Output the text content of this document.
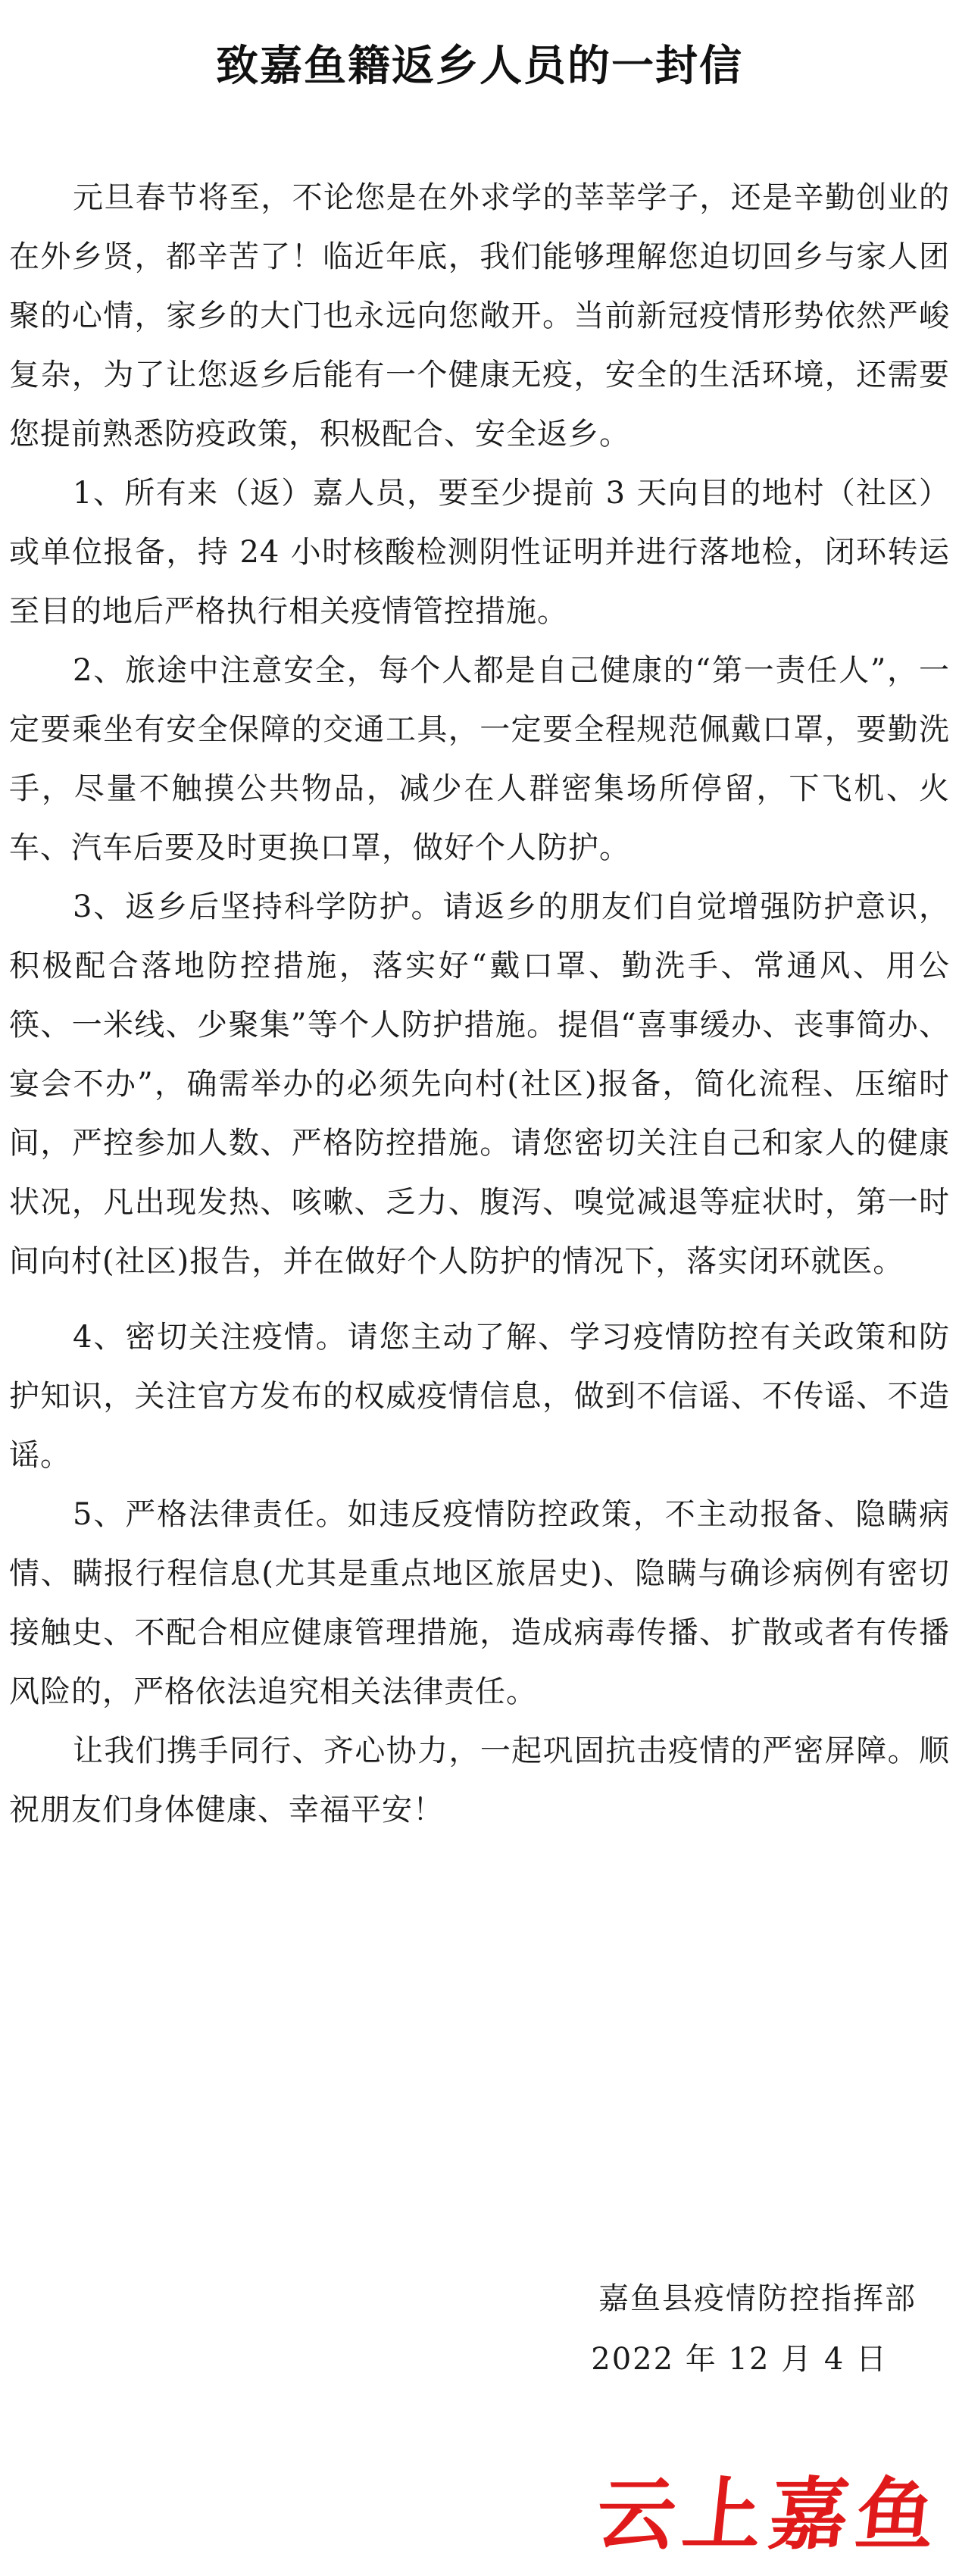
致嘉鱼籍返乡人员的一封信

元旦春节将至，不论您是在外求学的莘莘学子，还是辛勤创业的在外乡贤，都辛苦了！临近年底，我们能够理解您迫切回乡与家人团聚的心情，家乡的大门也永远向您敞开。当前新冠疫情形势依然严峻复杂，为了让您返乡后能有一个健康无疫，安全的生活环境，还需要您提前熟悉防疫政策，积极配合、安全返乡。

1、所有来（返）嘉人员，要至少提前 3 天向目的地村（社区）或单位报备，持 24 小时核酸检测阴性证明并进行落地检，闭环转运至目的地后严格执行相关疫情管控措施。

2、旅途中注意安全，每个人都是自己健康的“第一责任人”，一定要乘坐有安全保障的交通工具，一定要全程规范佩戴口罩，要勤洗手，尽量不触摸公共物品，减少在人群密集场所停留，下飞机、火车、汽车后要及时更换口罩，做好个人防护。

3、返乡后坚持科学防护。请返乡的朋友们自觉增强防护意识，积极配合落地防控措施，落实好“戴口罩、勤洗手、常通风、用公筷、一米线、少聚集”等个人防护措施。提倡“喜事缓办、丧事简办、宴会不办”，确需举办的必须先向村(社区)报备，简化流程、压缩时间，严控参加人数、严格防控措施。请您密切关注自己和家人的健康状况，凡出现发热、咳嗽、乏力、腹泻、嗅觉减退等症状时，第一时间向村(社区)报告，并在做好个人防护的情况下，落实闭环就医。

4、密切关注疫情。请您主动了解、学习疫情防控有关政策和防护知识，关注官方发布的权威疫情信息，做到不信谣、不传谣、不造谣。

5、严格法律责任。如违反疫情防控政策，不主动报备、隐瞒病情、瞒报行程信息(尤其是重点地区旅居史)、隐瞒与确诊病例有密切接触史、不配合相应健康管理措施，造成病毒传播、扩散或者有传播风险的，严格依法追究相关法律责任。

让我们携手同行、齐心协力，一起巩固抗击疫情的严密屏障。顺祝朋友们身体健康、幸福平安！

嘉鱼县疫情防控指挥部
2022 年 12 月 4 日
云上嘉鱼
